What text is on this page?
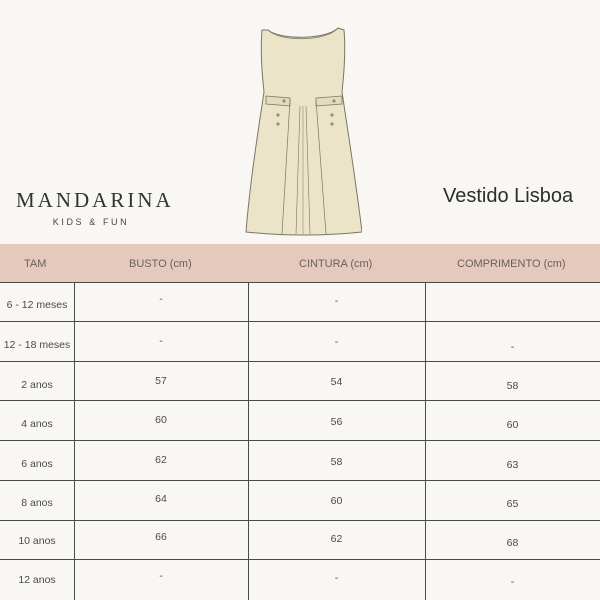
MANDARINA
KIDS & FUN
Vestido Lisboa
TAM	BUSTO (cm)	CINTURA (cm)	COMPRIMENTO (cm)
6 - 12 meses	-	-
12 - 18 meses	-	-	-
2 anos	57	54	58
4 anos	60	56	60
6 anos	62	58	63
8 anos	64	60	65
10 anos	66	62	68
12 anos	-	-	-
